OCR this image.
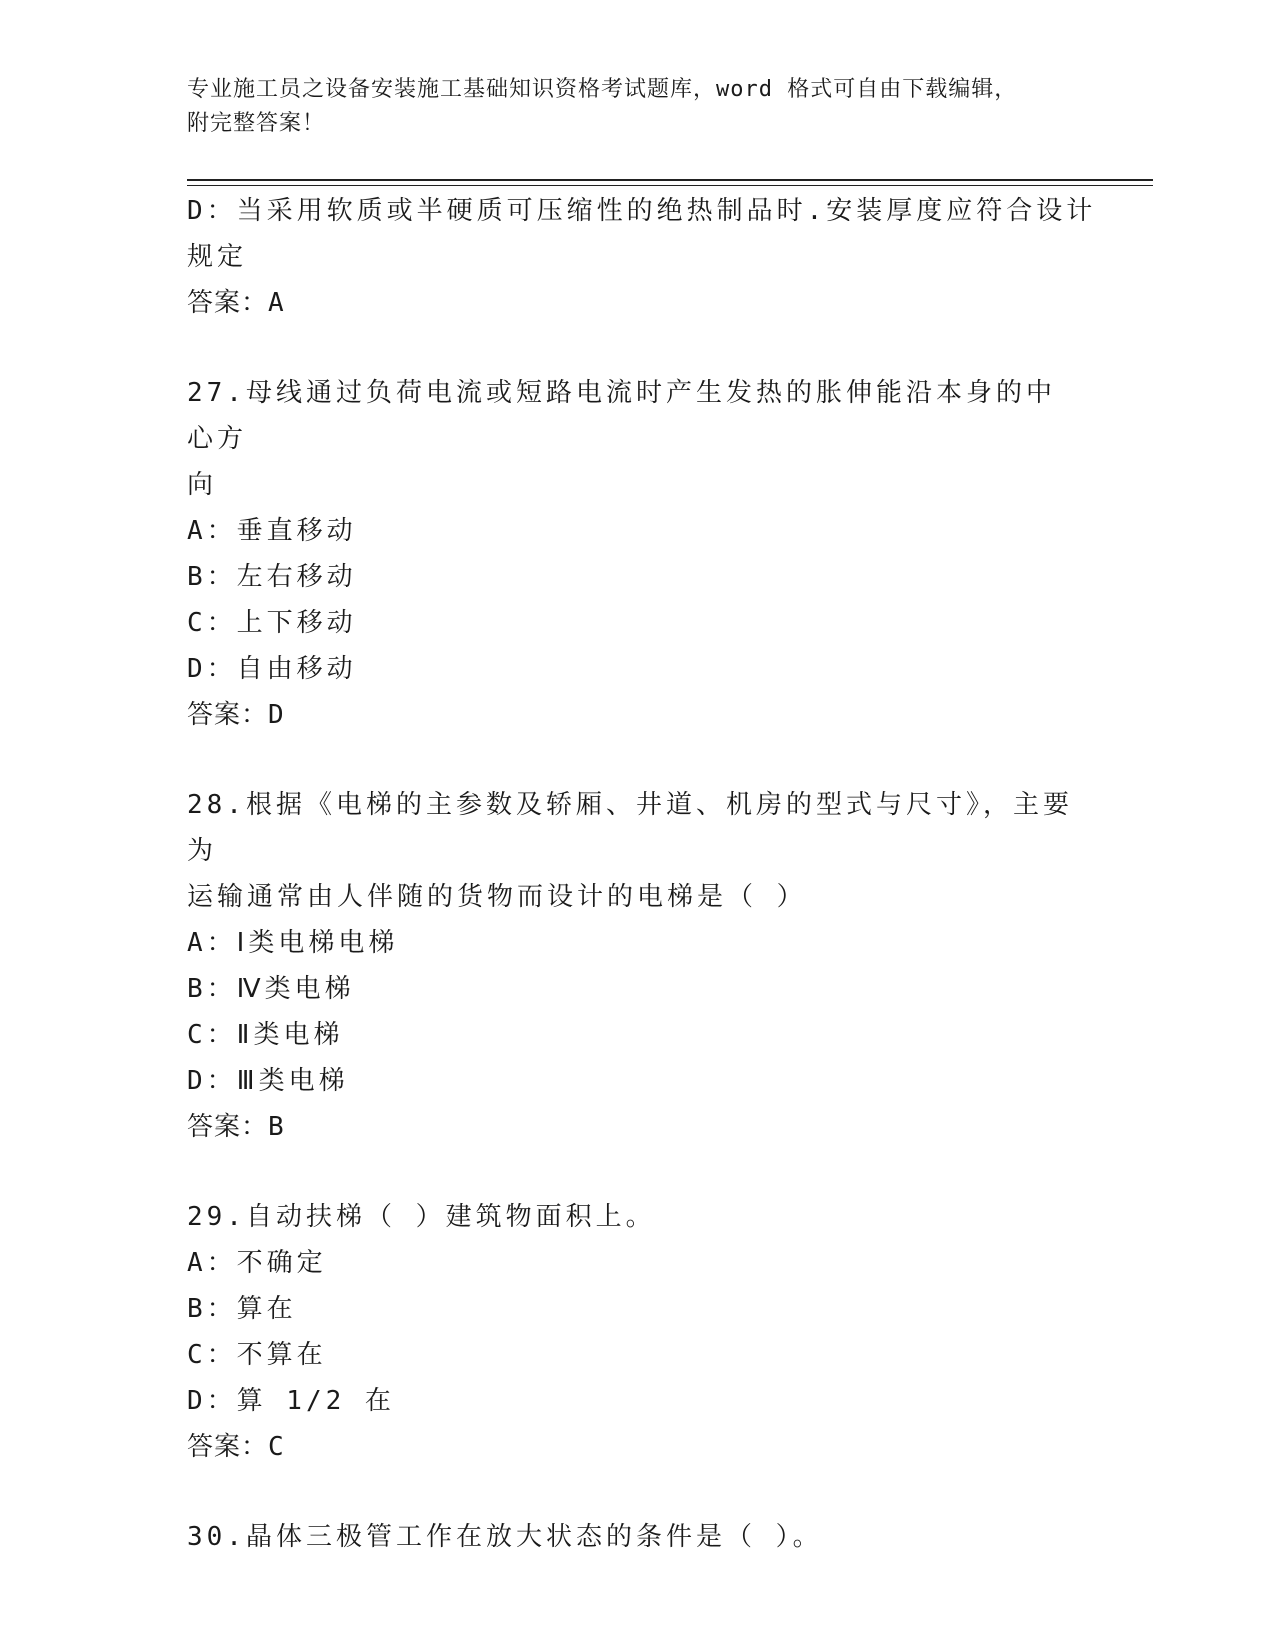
专业施工员之设备安装施工基础知识资格考试题库，word 格式可自由下载编辑，
附完整答案！
D：当采用软质或半硬质可压缩性的绝热制品时.安装厚度应符合设计
规定
答案：A
27.母线通过负荷电流或短路电流时产生发热的胀伸能沿本身的中心方
向
A：垂直移动
B：左右移动
C：上下移动
D：自由移动
答案：D
28.根据《电梯的主参数及轿厢、井道、机房的型式与尺寸》，主要为
运输通常由人伴随的货物而设计的电梯是（ ）
A：Ⅰ类电梯电梯
B：Ⅳ类电梯
C：Ⅱ类电梯
D：Ⅲ类电梯
答案：B
29.自动扶梯（ ）建筑物面积上。
A：不确定
B：算在
C：不算在
D：算 1/2 在
答案：C
30.晶体三极管工作在放大状态的条件是（ ）。
